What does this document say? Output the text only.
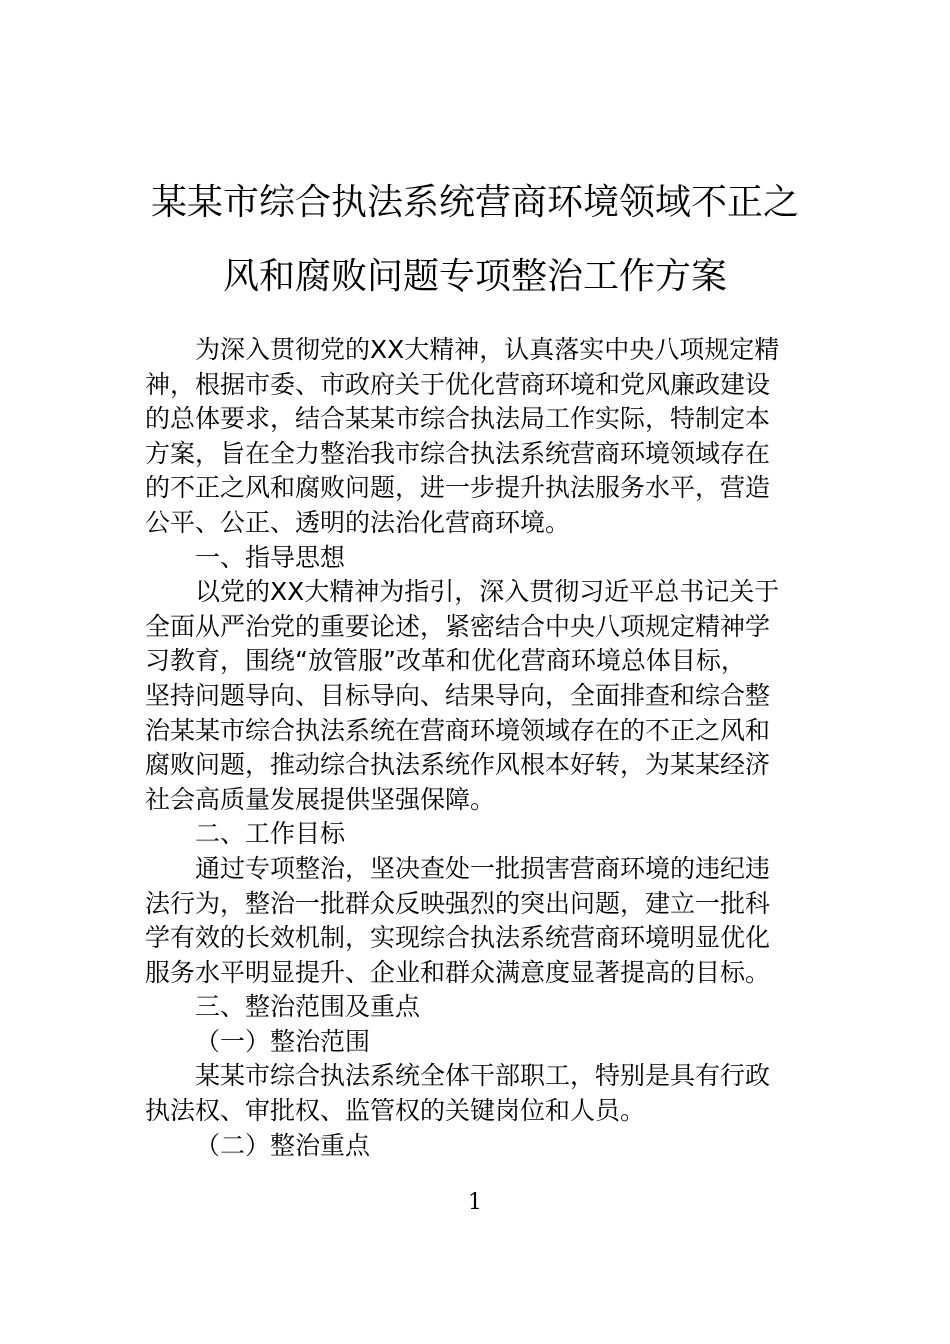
某某市综合执法系统营商环境领域不正之
风和腐败问题专项整治工作方案
为深入贯彻党的XX大精神，认真落实中央八项规定精
神，根据市委、市政府关于优化营商环境和党风廉政建设
的总体要求，结合某某市综合执法局工作实际，特制定本
方案，旨在全力整治我市综合执法系统营商环境领域存在
的不正之风和腐败问题，进一步提升执法服务水平，营造
公平、公正、透明的法治化营商环境。
一、指导思想
以党的XX大精神为指引，深入贯彻习近平总书记关于
全面从严治党的重要论述，紧密结合中央八项规定精神学
习教育，围绕“放管服”改革和优化营商环境总体目标，
坚持问题导向、目标导向、结果导向，全面排查和综合整
治某某市综合执法系统在营商环境领域存在的不正之风和
腐败问题，推动综合执法系统作风根本好转，为某某经济
社会高质量发展提供坚强保障。
二、工作目标
通过专项整治，坚决查处一批损害营商环境的违纪违
法行为，整治一批群众反映强烈的突出问题，建立一批科
学有效的长效机制，实现综合执法系统营商环境明显优化
服务水平明显提升、企业和群众满意度显著提高的目标。
三、整治范围及重点
（一）整治范围
某某市综合执法系统全体干部职工，特别是具有行政
执法权、审批权、监管权的关键岗位和人员。
（二）整治重点
1
